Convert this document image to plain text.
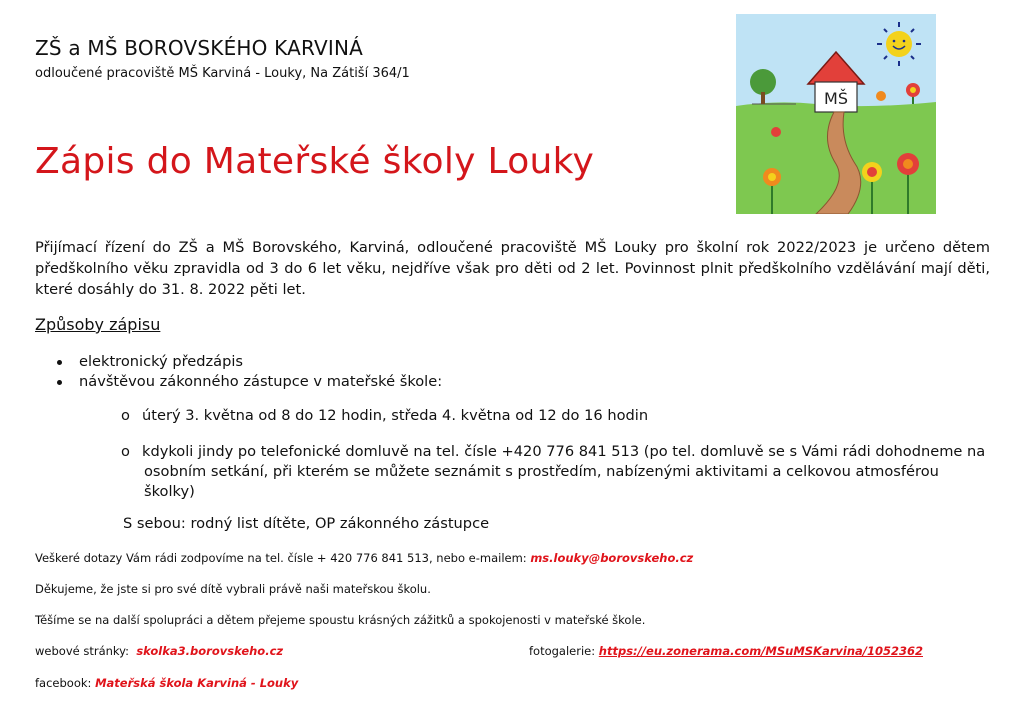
ZŠ a MŠ BOROVSKÉHO KARVINÁ
odloučené pracoviště MŠ Karviná - Louky, Na Zátiší 364/1
MŠ
Zápis do Mateřské školy Louky
Přijímací řízení do ZŠ a MŠ Borovského, Karviná, odloučené pracoviště MŠ Louky pro školní rok 2022/2023 je určeno dětem předškolního věku zpravidla od 3 do 6 let věku, nejdříve však pro děti od 2 let. Povinnost plnit předškolního vzdělávání mají děti, které dosáhly do 31. 8. 2022 pěti let.
Způsoby zápisu
elektronický předzápis
návštěvou zákonného zástupce v mateřské škole:
o úterý 3. května od 8 do 12 hodin, středa 4. května od 12 do 16 hodin
o kdykoli jindy po telefonické domluvě na tel. čísle +420 776 841 513 (po tel. domluvě se s Vámi rádi dohodneme na
osobním setkání, při kterém se můžete seznámit s prostředím, nabízenými aktivitami a celkovou atmosférou
školky)
S sebou: rodný list dítěte, OP zákonného zástupce
Veškeré dotazy Vám rádi zodpovíme na tel. čísle + 420 776 841 513, nebo e-mailem: ms.louky@borovskeho.cz
Děkujeme, že jste si pro své dítě vybrali právě naši mateřskou školu.
Těšíme se na další spolupráci a dětem přejeme spoustu krásných zážitků a spokojenosti v mateřské škole.
webové stránky: skolka3.borovskeho.cz	fotogalerie: https://eu.zonerama.com/MSuMSKarvina/1052362
facebook: Mateřská škola Karviná - Louky
